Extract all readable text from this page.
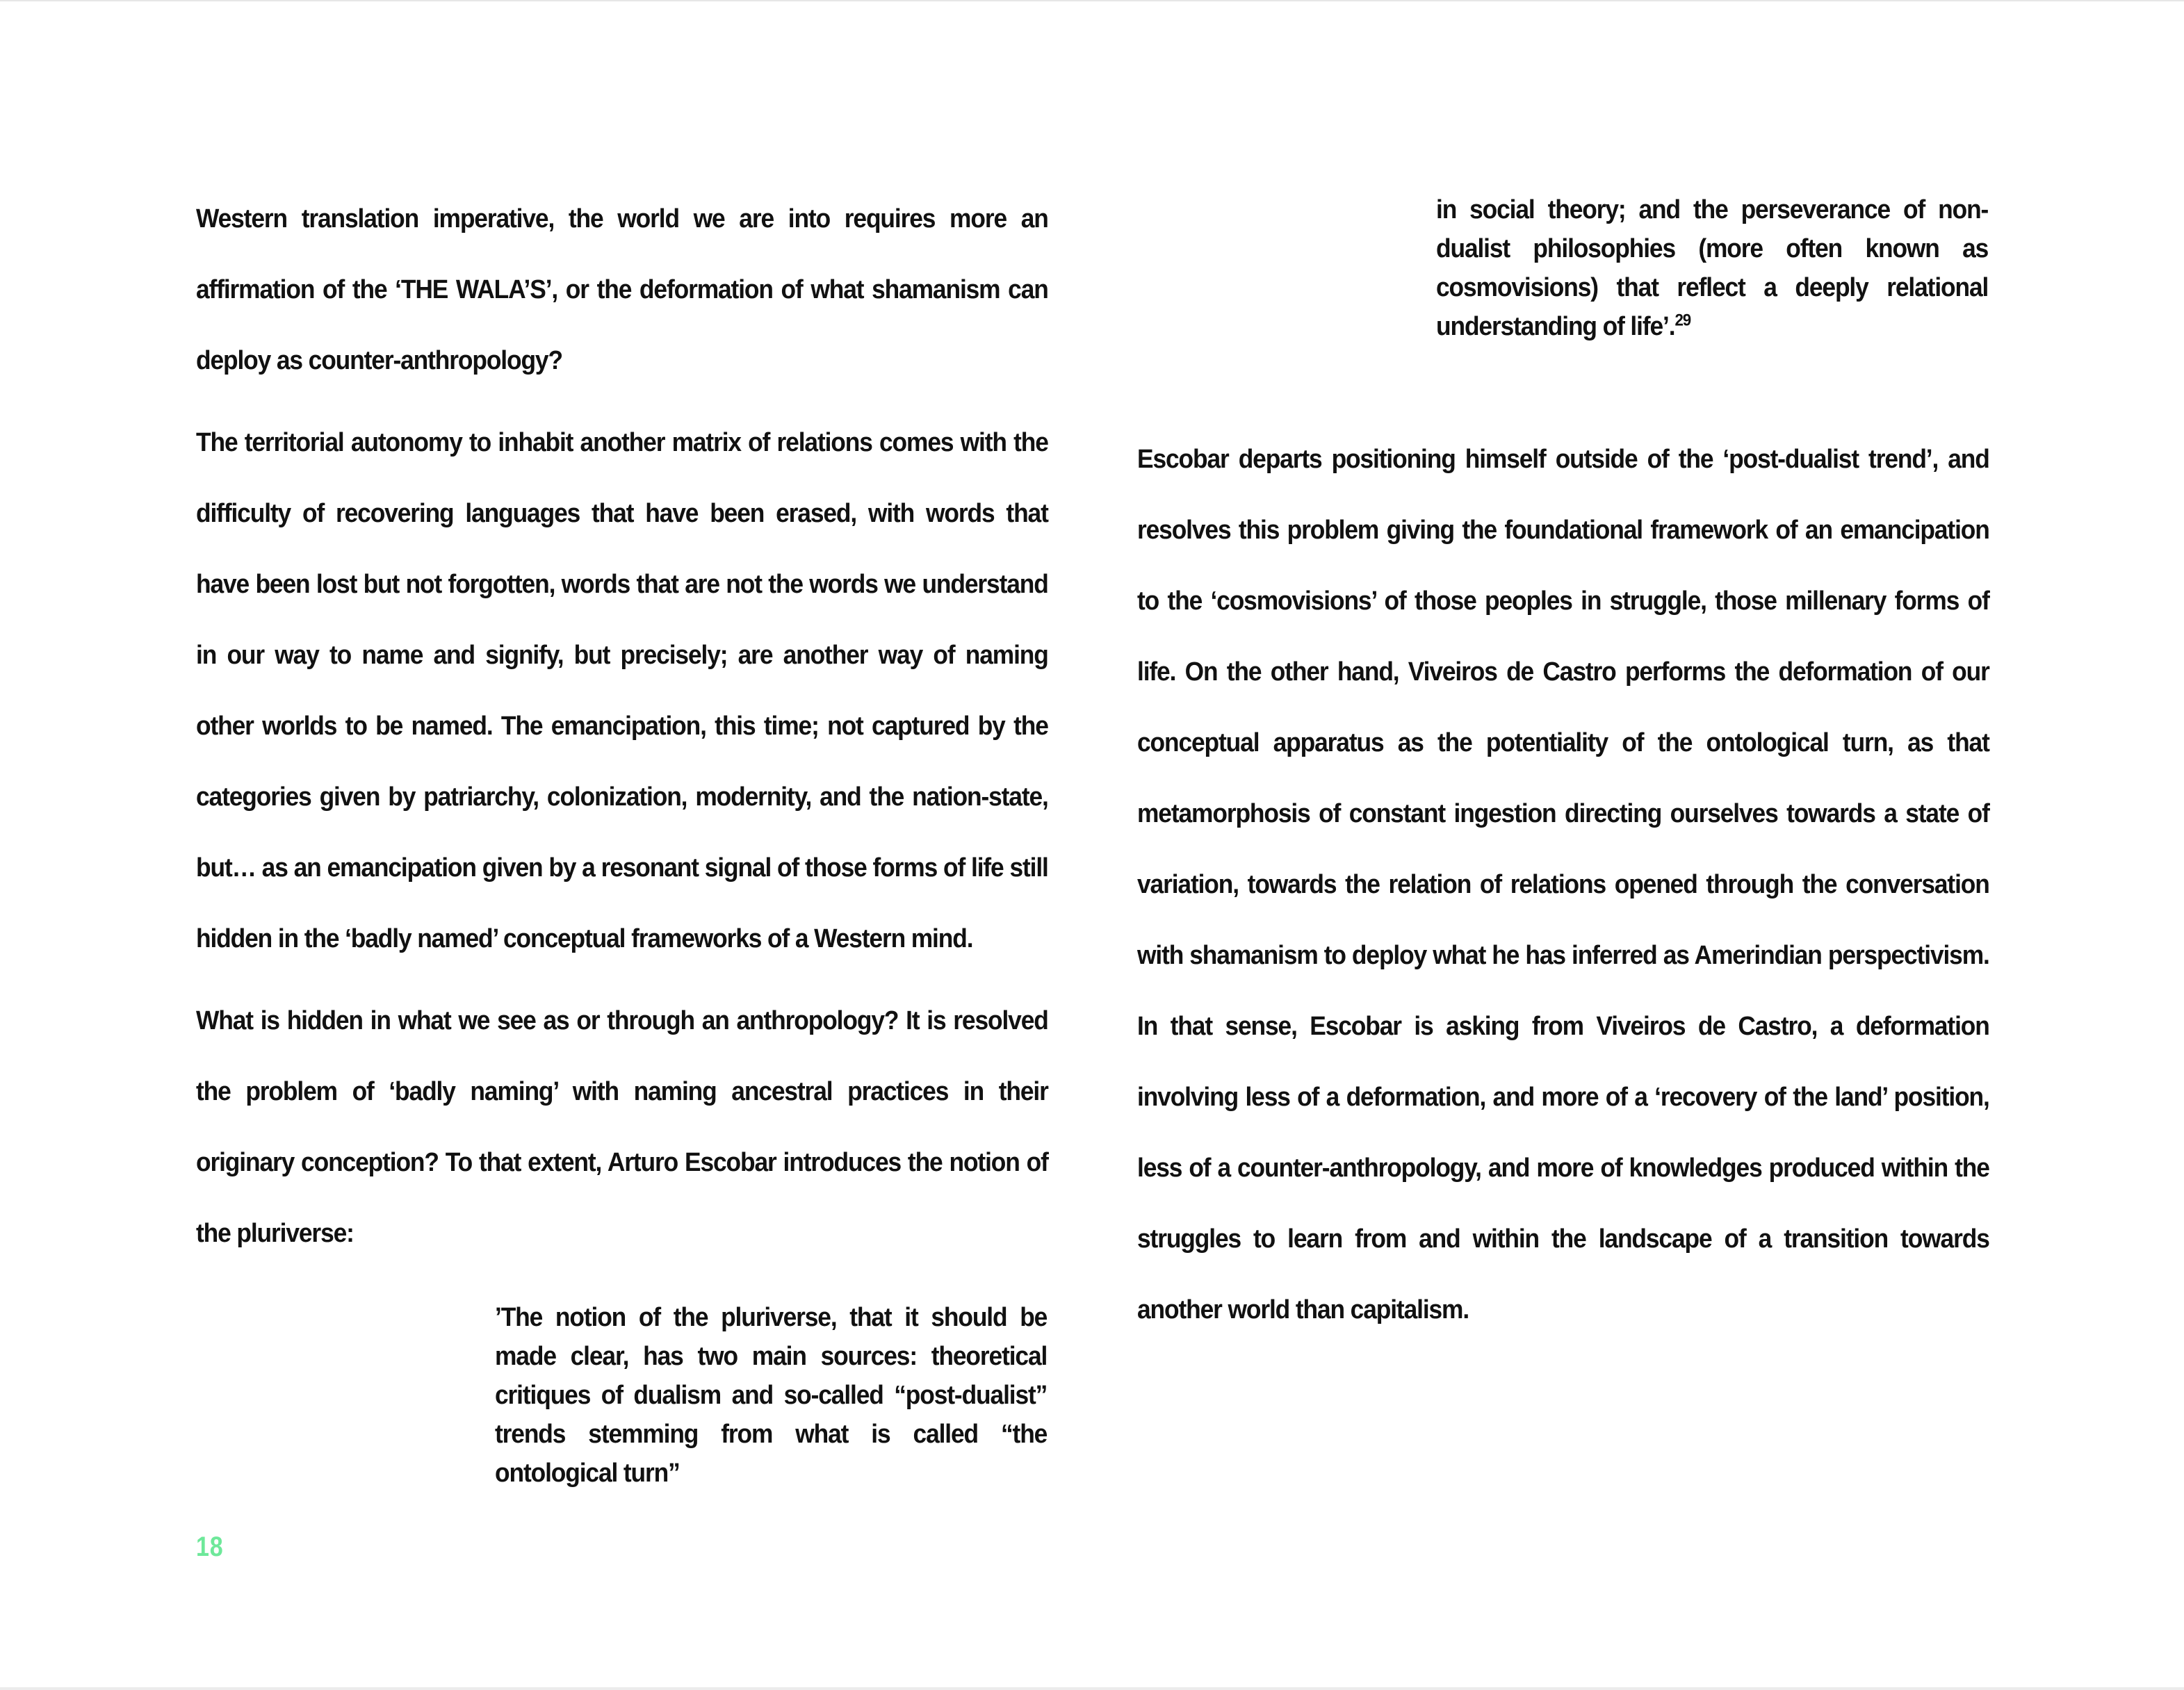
Western translation imperative, the world we are into requires more an affirmation of the ‘THE WALA’S’, or the deformation of what shamanism can deploy as counter-anthropology?

The territorial autonomy to inhabit another matrix of relations comes with the difficulty of recovering languages that have been erased, with words that have been lost but not forgotten, words that are not the words we understand in our way to name and signify, but precisely; are another way of naming other worlds to be named. The emancipation, this time; not captured by the categories given by patriarchy, colonization, modernity, and the nation-state, but… as an emancipation given by a resonant signal of those forms of life still hidden in the ‘badly named’ conceptual frameworks of a Western mind.

What is hidden in what we see as or through an anthropology? It is resolved the problem of ‘badly naming’ with naming ancestral practices in their originary conception? To that extent, Arturo Escobar introduces the notion of the pluriverse:

’The notion of the pluriverse, that it should be made clear, has two main sources: theoretical critiques of dualism and so-called “post-dualist” trends stemming from what is called “the ontological turn”

in social theory; and the perseverance of non-dualist philosophies (more often known as cosmovisions) that reflect a deeply relational understanding of life’.$^{29}$

Escobar departs positioning himself outside of the ‘post-dualist trend’, and resolves this problem giving the foundational framework of an emancipation to the ‘cosmovisions’ of those peoples in struggle, those millenary forms of life. On the other hand, Viveiros de Castro performs the deformation of our conceptual apparatus as the potentiality of the ontological turn, as that metamorphosis of constant ingestion directing ourselves towards a state of variation, towards the relation of relations opened through the conversation with shamanism to deploy what he has inferred as Amerindian perspectivism. In that sense, Escobar is asking from Viveiros de Castro, a deformation involving less of a deformation, and more of a ‘recovery of the land’ position, less of a counter-anthropology, and more of knowledges produced within the struggles to learn from and within the landscape of a transition towards another world than capitalism.

18
